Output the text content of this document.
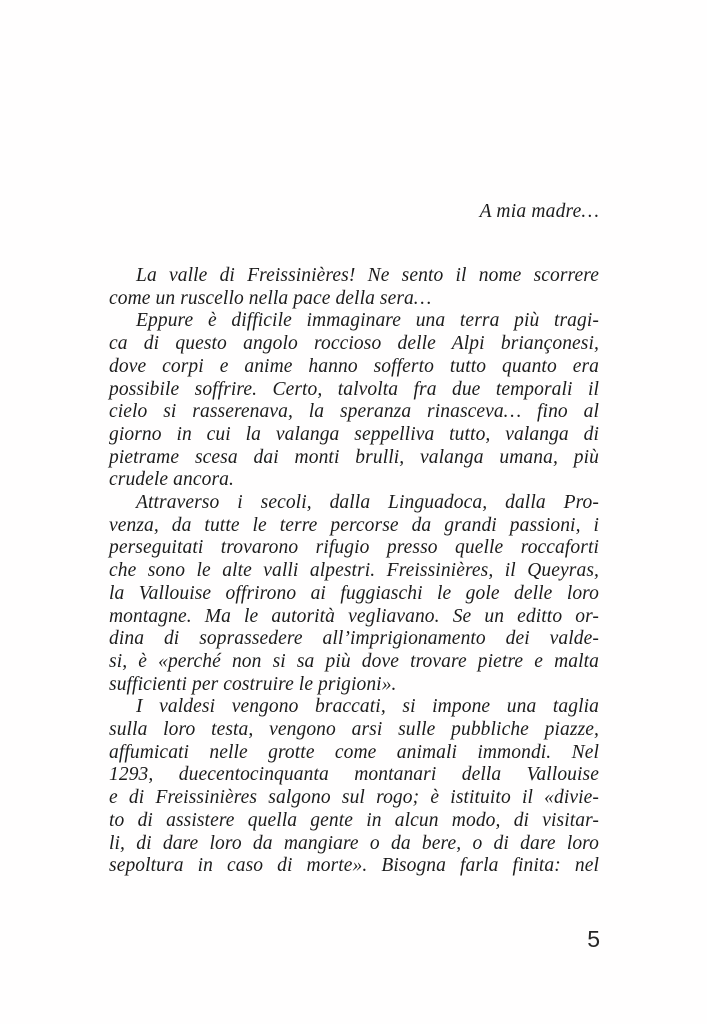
A mia madre…
La valle di Freissinières! Ne sento il nome scorrere
come un ruscello nella pace della sera…
Eppure è difficile immaginare una terra più tragi-
ca di questo angolo roccioso delle Alpi briançonesi,
dove corpi e anime hanno sofferto tutto quanto era
possibile soffrire. Certo, talvolta fra due temporali il
cielo si rasserenava, la speranza rinasceva… fino al
giorno in cui la valanga seppelliva tutto, valanga di
pietrame scesa dai monti brulli, valanga umana, più
crudele ancora.
Attraverso i secoli, dalla Linguadoca, dalla Pro-
venza, da tutte le terre percorse da grandi passioni, i
perseguitati trovarono rifugio presso quelle roccaforti
che sono le alte valli alpestri. Freissinières, il Queyras,
la Vallouise offrirono ai fuggiaschi le gole delle loro
montagne. Ma le autorità vegliavano. Se un editto or-
dina di soprassedere all’imprigionamento dei valde-
si, è «perché non si sa più dove trovare pietre e malta
sufficienti per costruire le prigioni».
I valdesi vengono braccati, si impone una taglia
sulla loro testa, vengono arsi sulle pubbliche piazze,
affumicati nelle grotte come animali immondi. Nel
1293, duecentocinquanta montanari della Vallouise
e di Freissinières salgono sul rogo; è istituito il «divie-
to di assistere quella gente in alcun modo, di visitar-
li, di dare loro da mangiare o da bere, o di dare loro
sepoltura in caso di morte». Bisogna farla finita: nel
5
